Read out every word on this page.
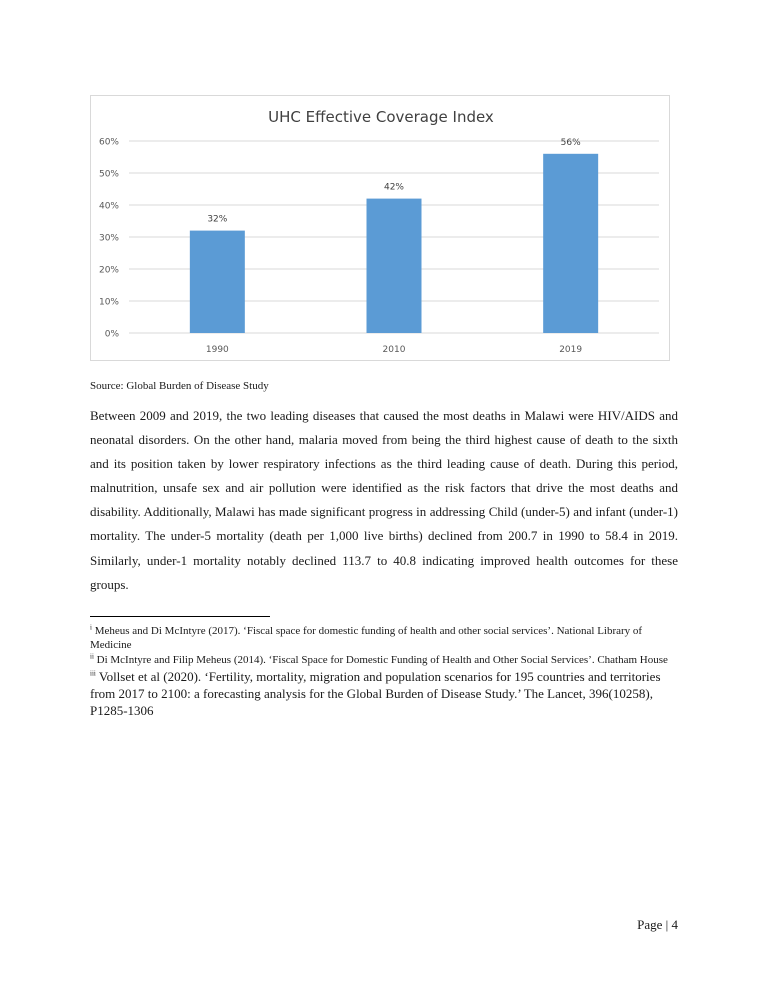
UHC Effective Coverage Index
0%
10%
20%
30%
40%
50%
60%
32%
1990
42%
2010
56%
2019
Source: Global Burden of Disease Study

Between 2009 and 2019, the two leading diseases that caused the most deaths in Malawi were HIV/AIDS and neonatal disorders. On the other hand, malaria moved from being the third highest cause of death to the sixth and its position taken by lower respiratory infections as the third leading cause of death. During this period, malnutrition, unsafe sex and air pollution were identified as the risk factors that drive the most deaths and disability. Additionally, Malawi has made significant progress in addressing Child (under-5) and infant (under-1) mortality. The under-5 mortality (death per 1,000 live births) declined from 200.7 in 1990 to 58.4 in 2019. Similarly, under-1 mortality notably declined 113.7 to 40.8 indicating improved health outcomes for these groups.

$^i$ Meheus and Di McIntyre (2017). ‘Fiscal space for domestic funding of health and other social services’. National Library of Medicine

$^{ii}$ Di McIntyre and Filip Meheus (2014). ‘Fiscal Space for Domestic Funding of Health and Other Social Services’. Chatham House

$^{iii}$ Vollset et al (2020). ‘Fertility, mortality, migration and population scenarios for 195 countries and territories from 2017 to 2100: a forecasting analysis for the Global Burden of Disease Study.’ The Lancet, 396(10258), P1285-1306

Page | 4
